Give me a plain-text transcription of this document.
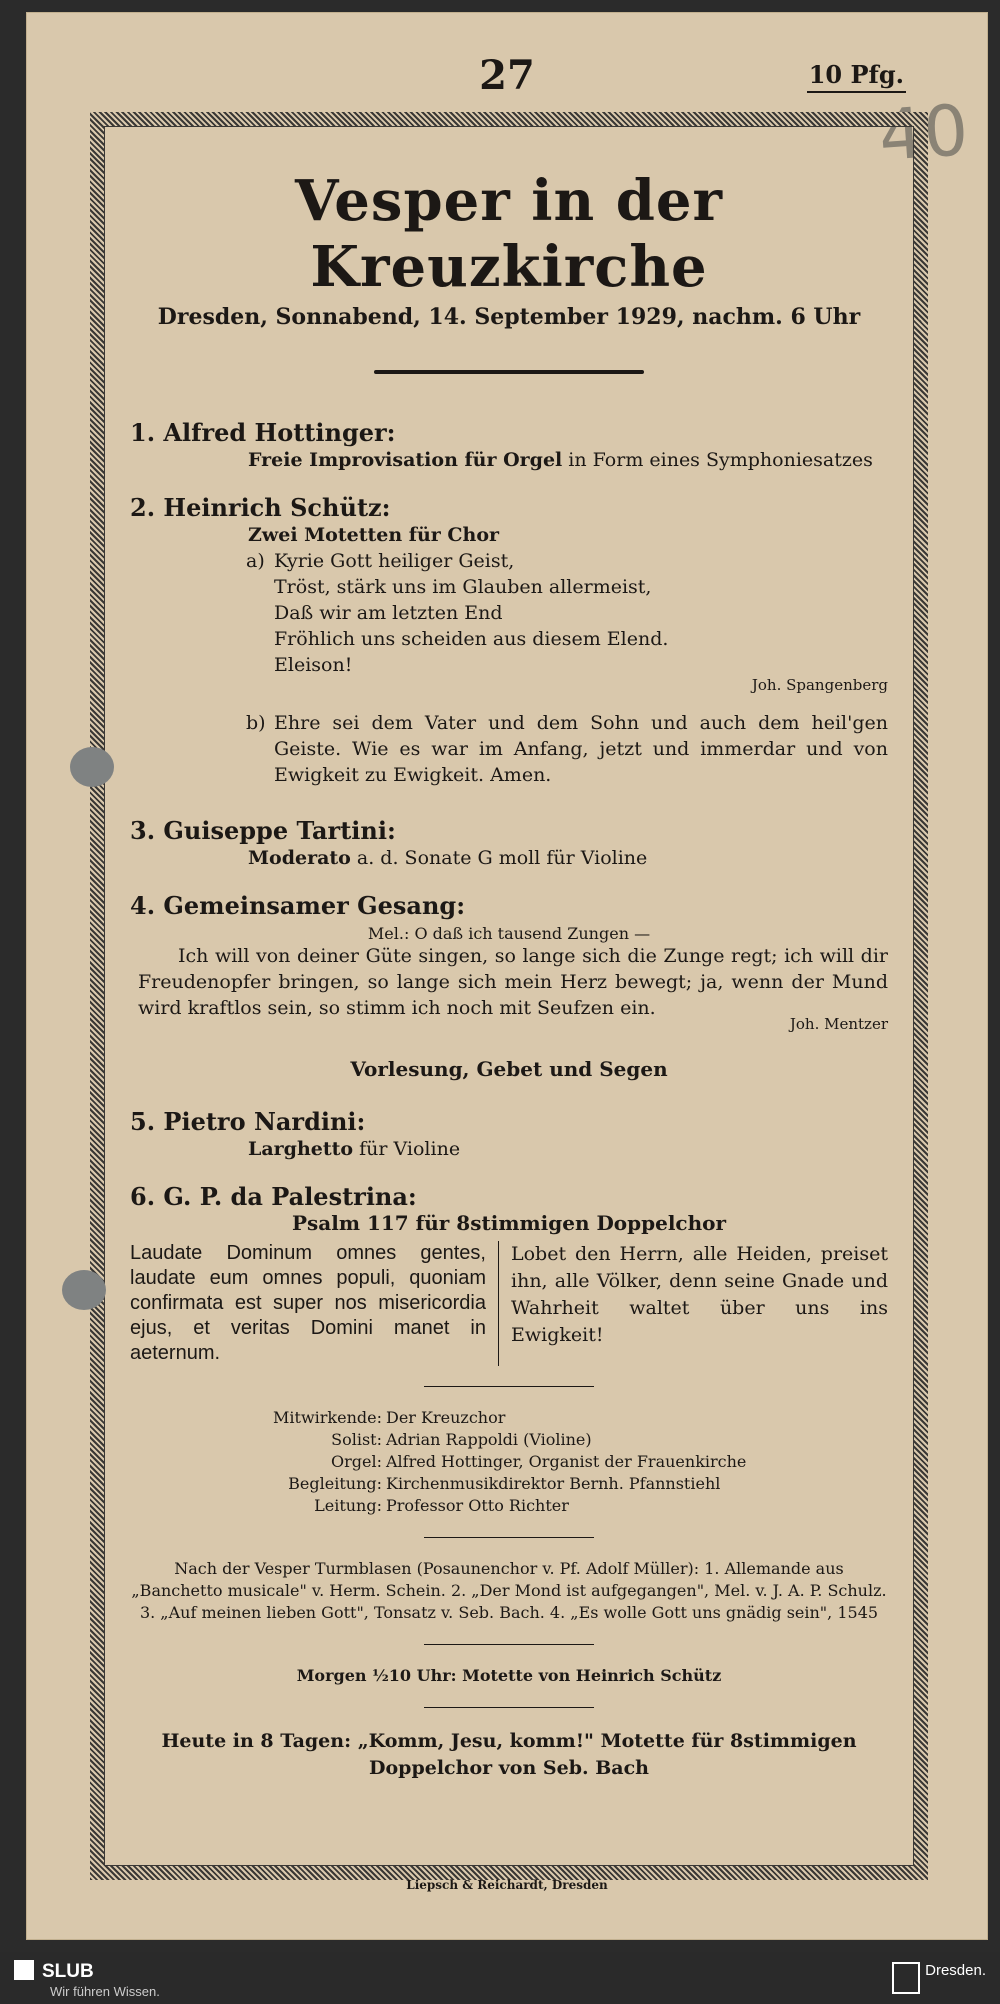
27	10 Pfg.
40
Vesper in der Kreuzkirche
Dresden, Sonnabend, 14. September 1929, nachm. 6 Uhr
1. Alfred Hottinger:
Freie Improvisation für Orgel in Form eines Symphoniesatzes
2. Heinrich Schütz:
Zwei Motetten für Chor
a) Kyrie Gott heiliger Geist,
Tröst, stärk uns im Glauben allermeist,
Daß wir am letzten End
Fröhlich uns scheiden aus diesem Elend.
Eleison!
Joh. Spangenberg
b) Ehre sei dem Vater und dem Sohn und auch dem heil'gen Geiste. Wie es war im Anfang, jetzt und immerdar und von Ewigkeit zu Ewigkeit. Amen.
3. Guiseppe Tartini:
Moderato a. d. Sonate G moll für Violine
4. Gemeinsamer Gesang:
Mel.: O daß ich tausend Zungen —
Ich will von deiner Güte singen, so lange sich die Zunge regt; ich will dir Freudenopfer bringen, so lange sich mein Herz bewegt; ja, wenn der Mund wird kraftlos sein, so stimm ich noch mit Seufzen ein.
Joh. Mentzer
Vorlesung, Gebet und Segen
5. Pietro Nardini:
Larghetto für Violine
6. G. P. da Palestrina:
Psalm 117 für 8stimmigen Doppelchor
Laudate Dominum omnes gentes, laudate eum omnes populi, quoniam confirmata est super nos misericordia ejus, et veritas Domini manet in aeternum.
Lobet den Herrn, alle Heiden, preiset ihn, alle Völker, denn seine Gnade und Wahrheit waltet über uns ins Ewigkeit!
Mitwirkende: Der Kreuzchor
Solist: Adrian Rappoldi (Violine)
Orgel: Alfred Hottinger, Organist der Frauenkirche
Begleitung: Kirchenmusikdirektor Bernh. Pfannstiehl
Leitung: Professor Otto Richter
Nach der Vesper Turmblasen (Posaunenchor v. Pf. Adolf Müller): 1. Allemande aus „Banchetto musicale" v. Herm. Schein. 2. „Der Mond ist aufgegangen", Mel. v. J. A. P. Schulz. 3. „Auf meinen lieben Gott", Tonsatz v. Seb. Bach. 4. „Es wolle Gott uns gnädig sein", 1545
Morgen ½10 Uhr: Motette von Heinrich Schütz
Heute in 8 Tagen: „Komm, Jesu, komm!" Motette für 8stimmigen Doppelchor von Seb. Bach
Liepsch & Reichardt, Dresden
SLUB
Wir führen Wissen.
Dresden.
